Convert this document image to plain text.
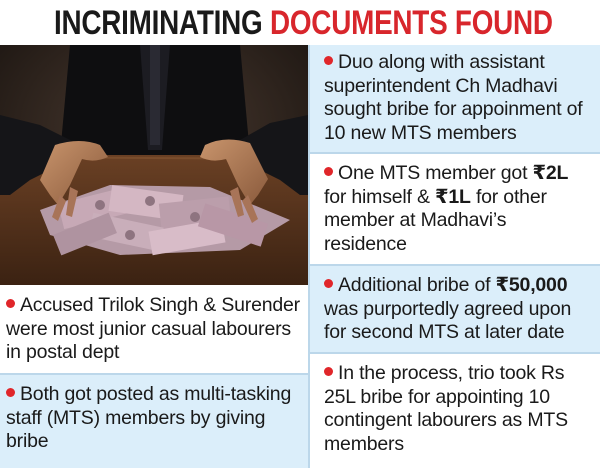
INCRIMINATING DOCUMENTS FOUND
Accused Trilok Singh & Surender were most junior casual labourers in postal dept
Both got posted as multi-tasking staff (MTS) members by giving bribe
Duo along with assistant superintendent Ch Madhavi sought bribe for appoinment of 10 new MTS members
One MTS member got ₹2L for himself & ₹1L for other member at Madhavi’s residence
Additional bribe of ₹50,000 was purportedly agreed upon for second MTS at later date
In the process, trio took Rs 25L bribe for appointing 10 contingent labourers as MTS members
